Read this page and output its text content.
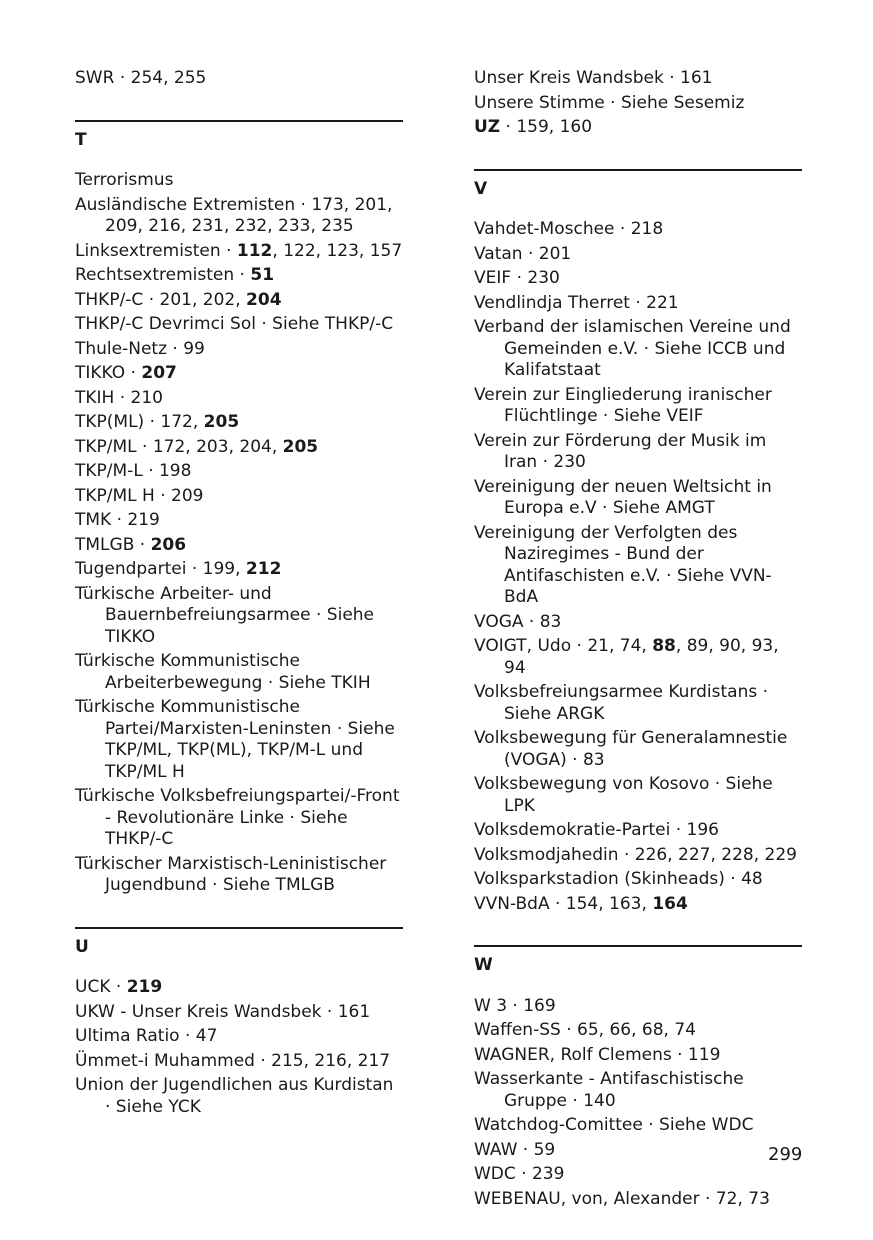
SWR · 254, 255
T
Terrorismus
Ausländische Extremisten · 173, 201, 209, 216, 231, 232, 233, 235
Linksextremisten · 112, 122, 123, 157
Rechtsextremisten · 51
THKP/-C · 201, 202, 204
THKP/-C Devrimci Sol · Siehe THKP/-C
Thule-Netz · 99
TIKKO · 207
TKIH · 210
TKP(ML) · 172, 205
TKP/ML · 172, 203, 204, 205
TKP/M-L · 198
TKP/ML H · 209
TMK · 219
TMLGB · 206
Tugendpartei · 199, 212
Türkische Arbeiter- und Bauernbefreiungsarmee · Siehe TIKKO
Türkische Kommunistische Arbeiterbewegung · Siehe TKIH
Türkische Kommunistische Partei/Marxisten-Leninsten · Siehe TKP/ML, TKP(ML), TKP/M-L und TKP/ML H
Türkische Volksbefreiungspartei/-Front - Revolutionäre Linke · Siehe THKP/-C
Türkischer Marxistisch-Leninistischer Jugendbund · Siehe TMLGB
U
UCK · 219
UKW - Unser Kreis Wandsbek · 161
Ultima Ratio · 47
Ümmet-i Muhammed · 215, 216, 217
Union der Jugendlichen aus Kurdistan · Siehe YCK
Unser Kreis Wandsbek · 161
Unsere Stimme · Siehe Sesemiz
UZ · 159, 160
V
Vahdet-Moschee · 218
Vatan · 201
VEIF · 230
Vendlindja Therret · 221
Verband der islamischen Vereine und Gemeinden e.V. · Siehe ICCB und Kalifatstaat
Verein zur Eingliederung iranischer Flüchtlinge · Siehe VEIF
Verein zur Förderung der Musik im Iran · 230
Vereinigung der neuen Weltsicht in Europa e.V · Siehe AMGT
Vereinigung der Verfolgten des Naziregimes - Bund der Antifaschisten e.V. · Siehe VVN-BdA
VOGA · 83
VOIGT, Udo · 21, 74, 88, 89, 90, 93, 94
Volksbefreiungsarmee Kurdistans · Siehe ARGK
Volksbewegung für Generalamnestie (VOGA) · 83
Volksbewegung von Kosovo · Siehe LPK
Volksdemokratie-Partei · 196
Volksmodjahedin · 226, 227, 228, 229
Volksparkstadion (Skinheads) · 48
VVN-BdA · 154, 163, 164
W
W 3 · 169
Waffen-SS · 65, 66, 68, 74
WAGNER, Rolf Clemens · 119
Wasserkante - Antifaschistische Gruppe · 140
Watchdog-Comittee · Siehe WDC
WAW · 59
WDC · 239
WEBENAU, von, Alexander · 72, 73
299
